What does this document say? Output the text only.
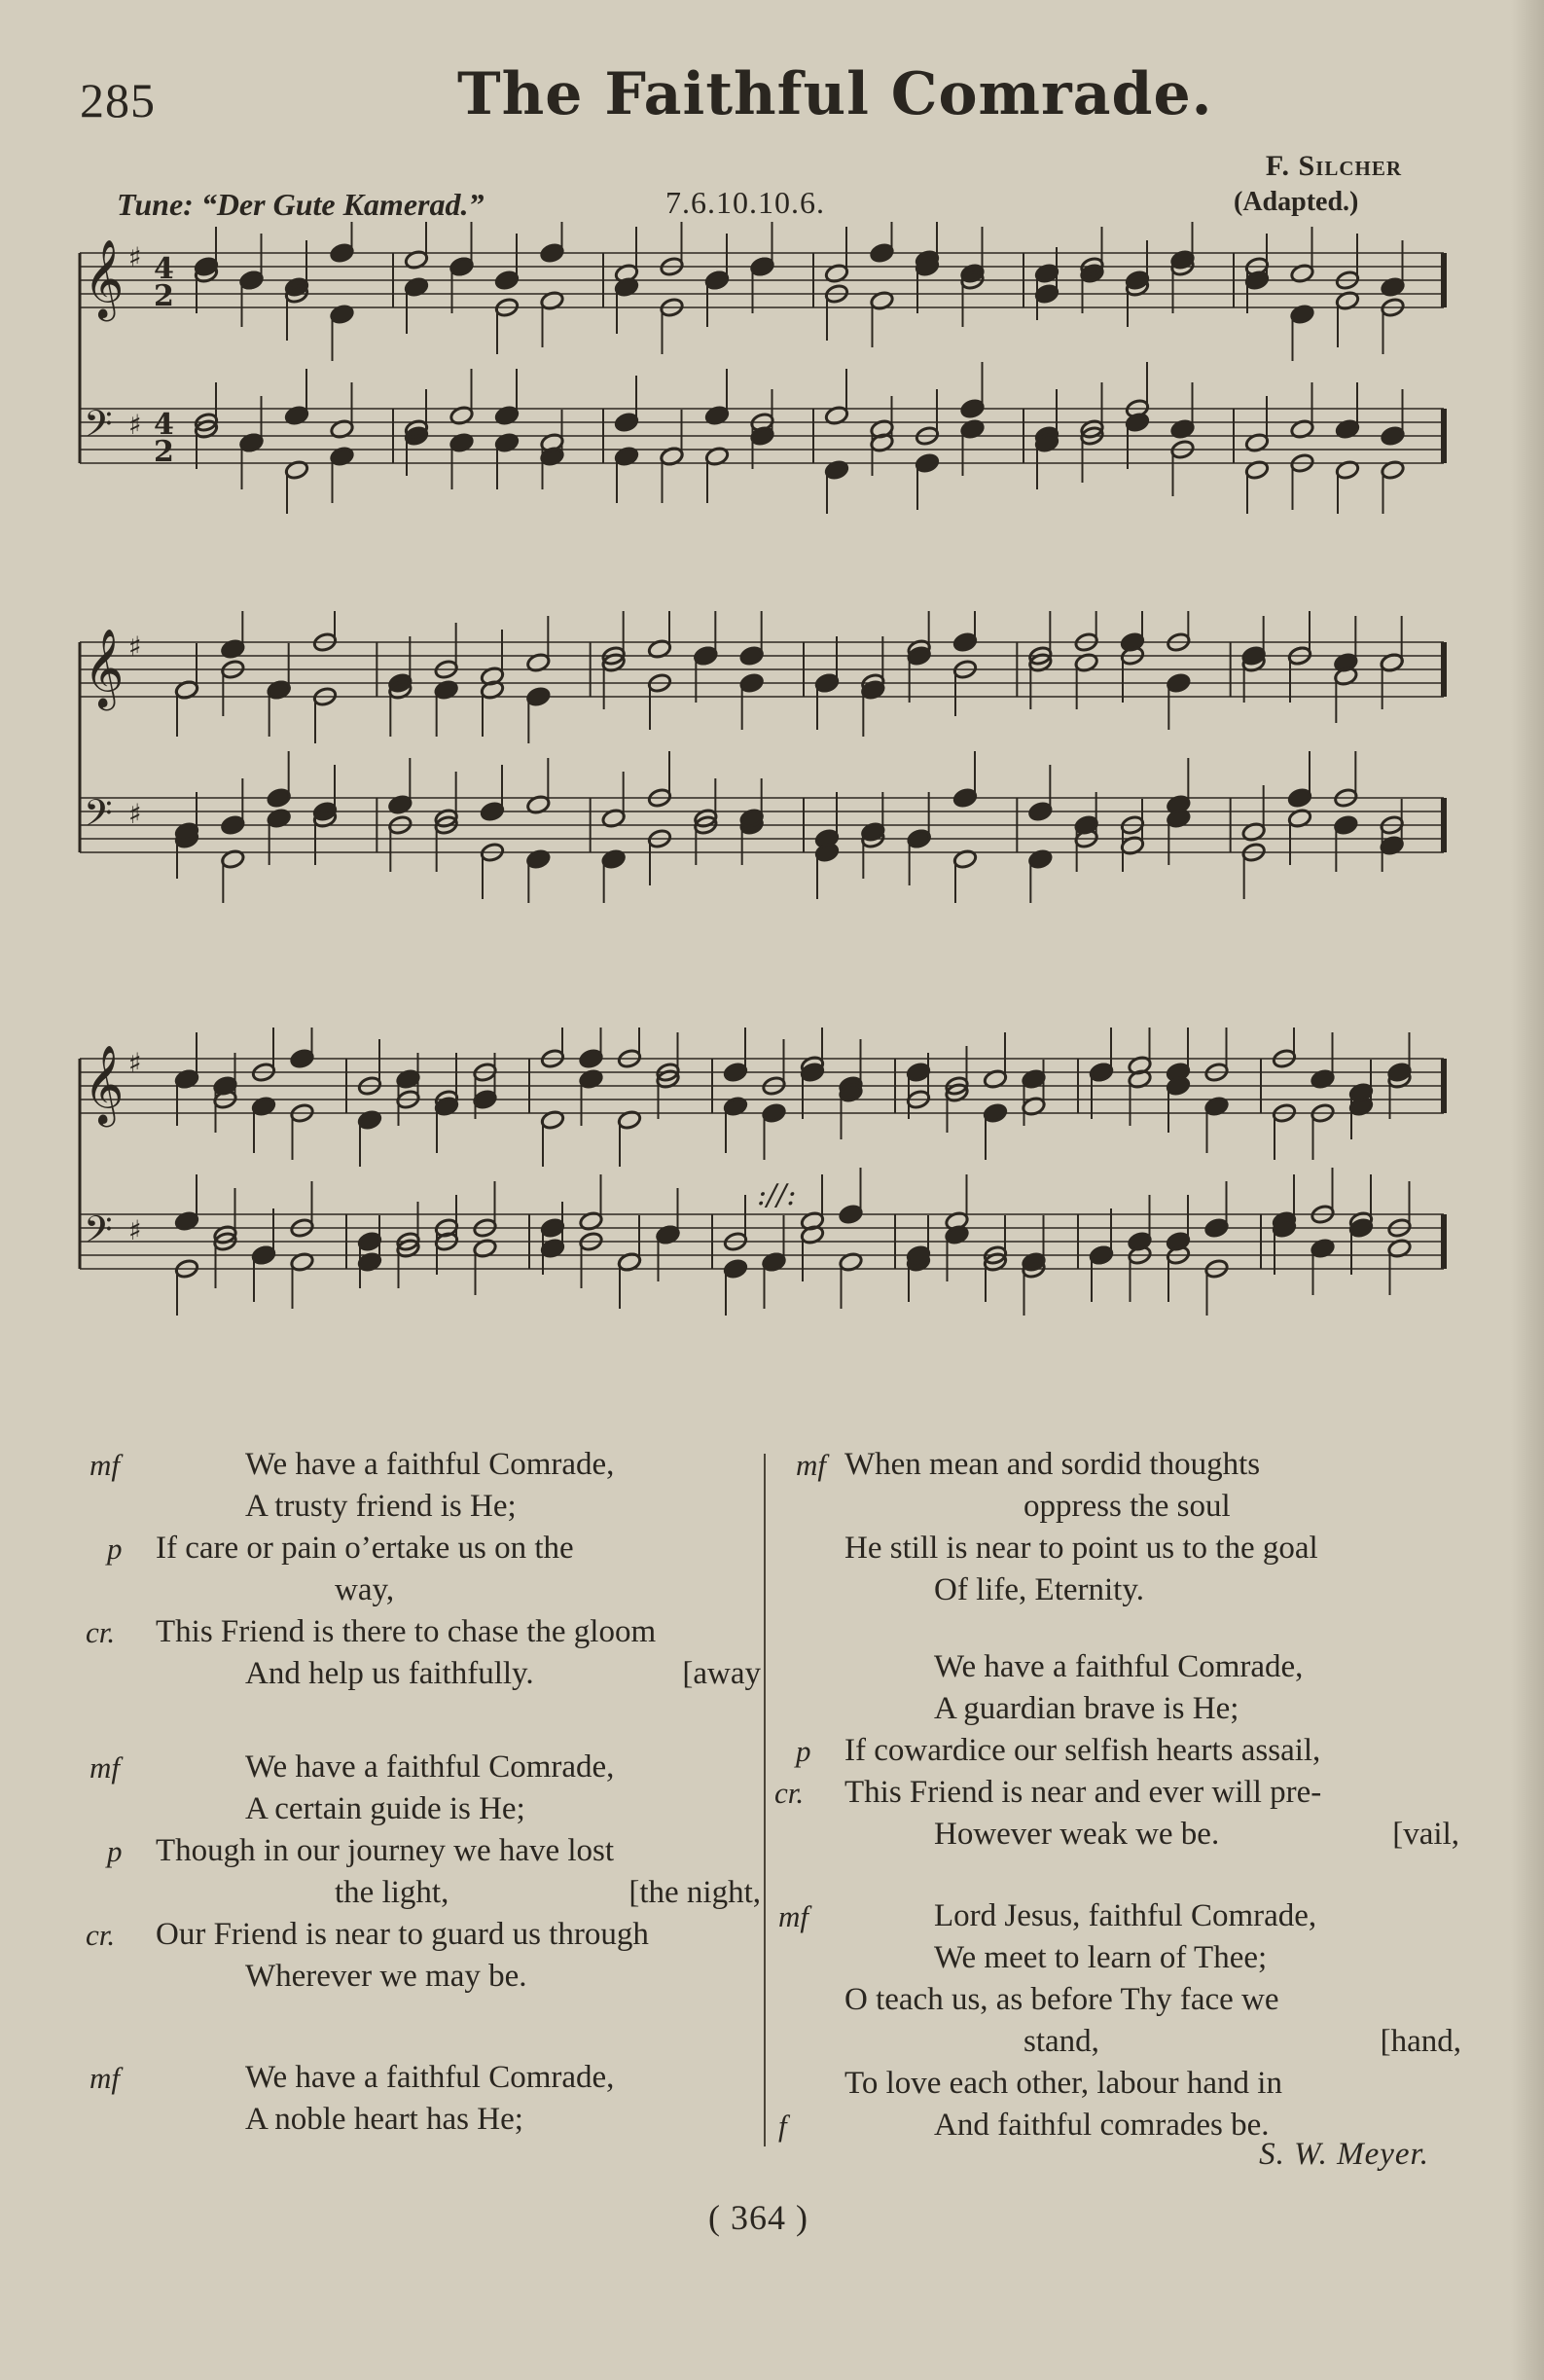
285	The Faithful Comrade.
F. Silcher
Tune: “Der Gute Kamerad.”	7.6.10.10.6.	(Adapted.)
𝄞 ♯ 4
2
𝄢 ♯ 4
2
𝄞 ♯
𝄢 ♯
𝄞 ♯
𝄢 ♯
://:
mf	We have a faithful Comrade,
A trusty friend is He;
p If care or pain o’ertake us on the
way,
cr. This Friend is there to chase the gloom
And help us faithfully.	[away
mf	We have a faithful Comrade,
A certain guide is He;
p Though in our journey we have lost
the light,	[the night,
cr. Our Friend is near to guard us through
Wherever we may be.
mf	We have a faithful Comrade,
A noble heart has He;
mf When mean and sordid thoughts
oppress the soul
He still is near to point us to the goal
Of life, Eternity.
We have a faithful Comrade,
A guardian brave is He;
p If cowardice our selfish hearts assail,
cr. This Friend is near and ever will pre-
However weak we be.	[vail,
mf	Lord Jesus, faithful Comrade,
We meet to learn of Thee;
O teach us, as before Thy face we
stand,	[hand,
To love each other, labour hand in
f	And faithful comrades be.
S. W. Meyer.
( 364 )
